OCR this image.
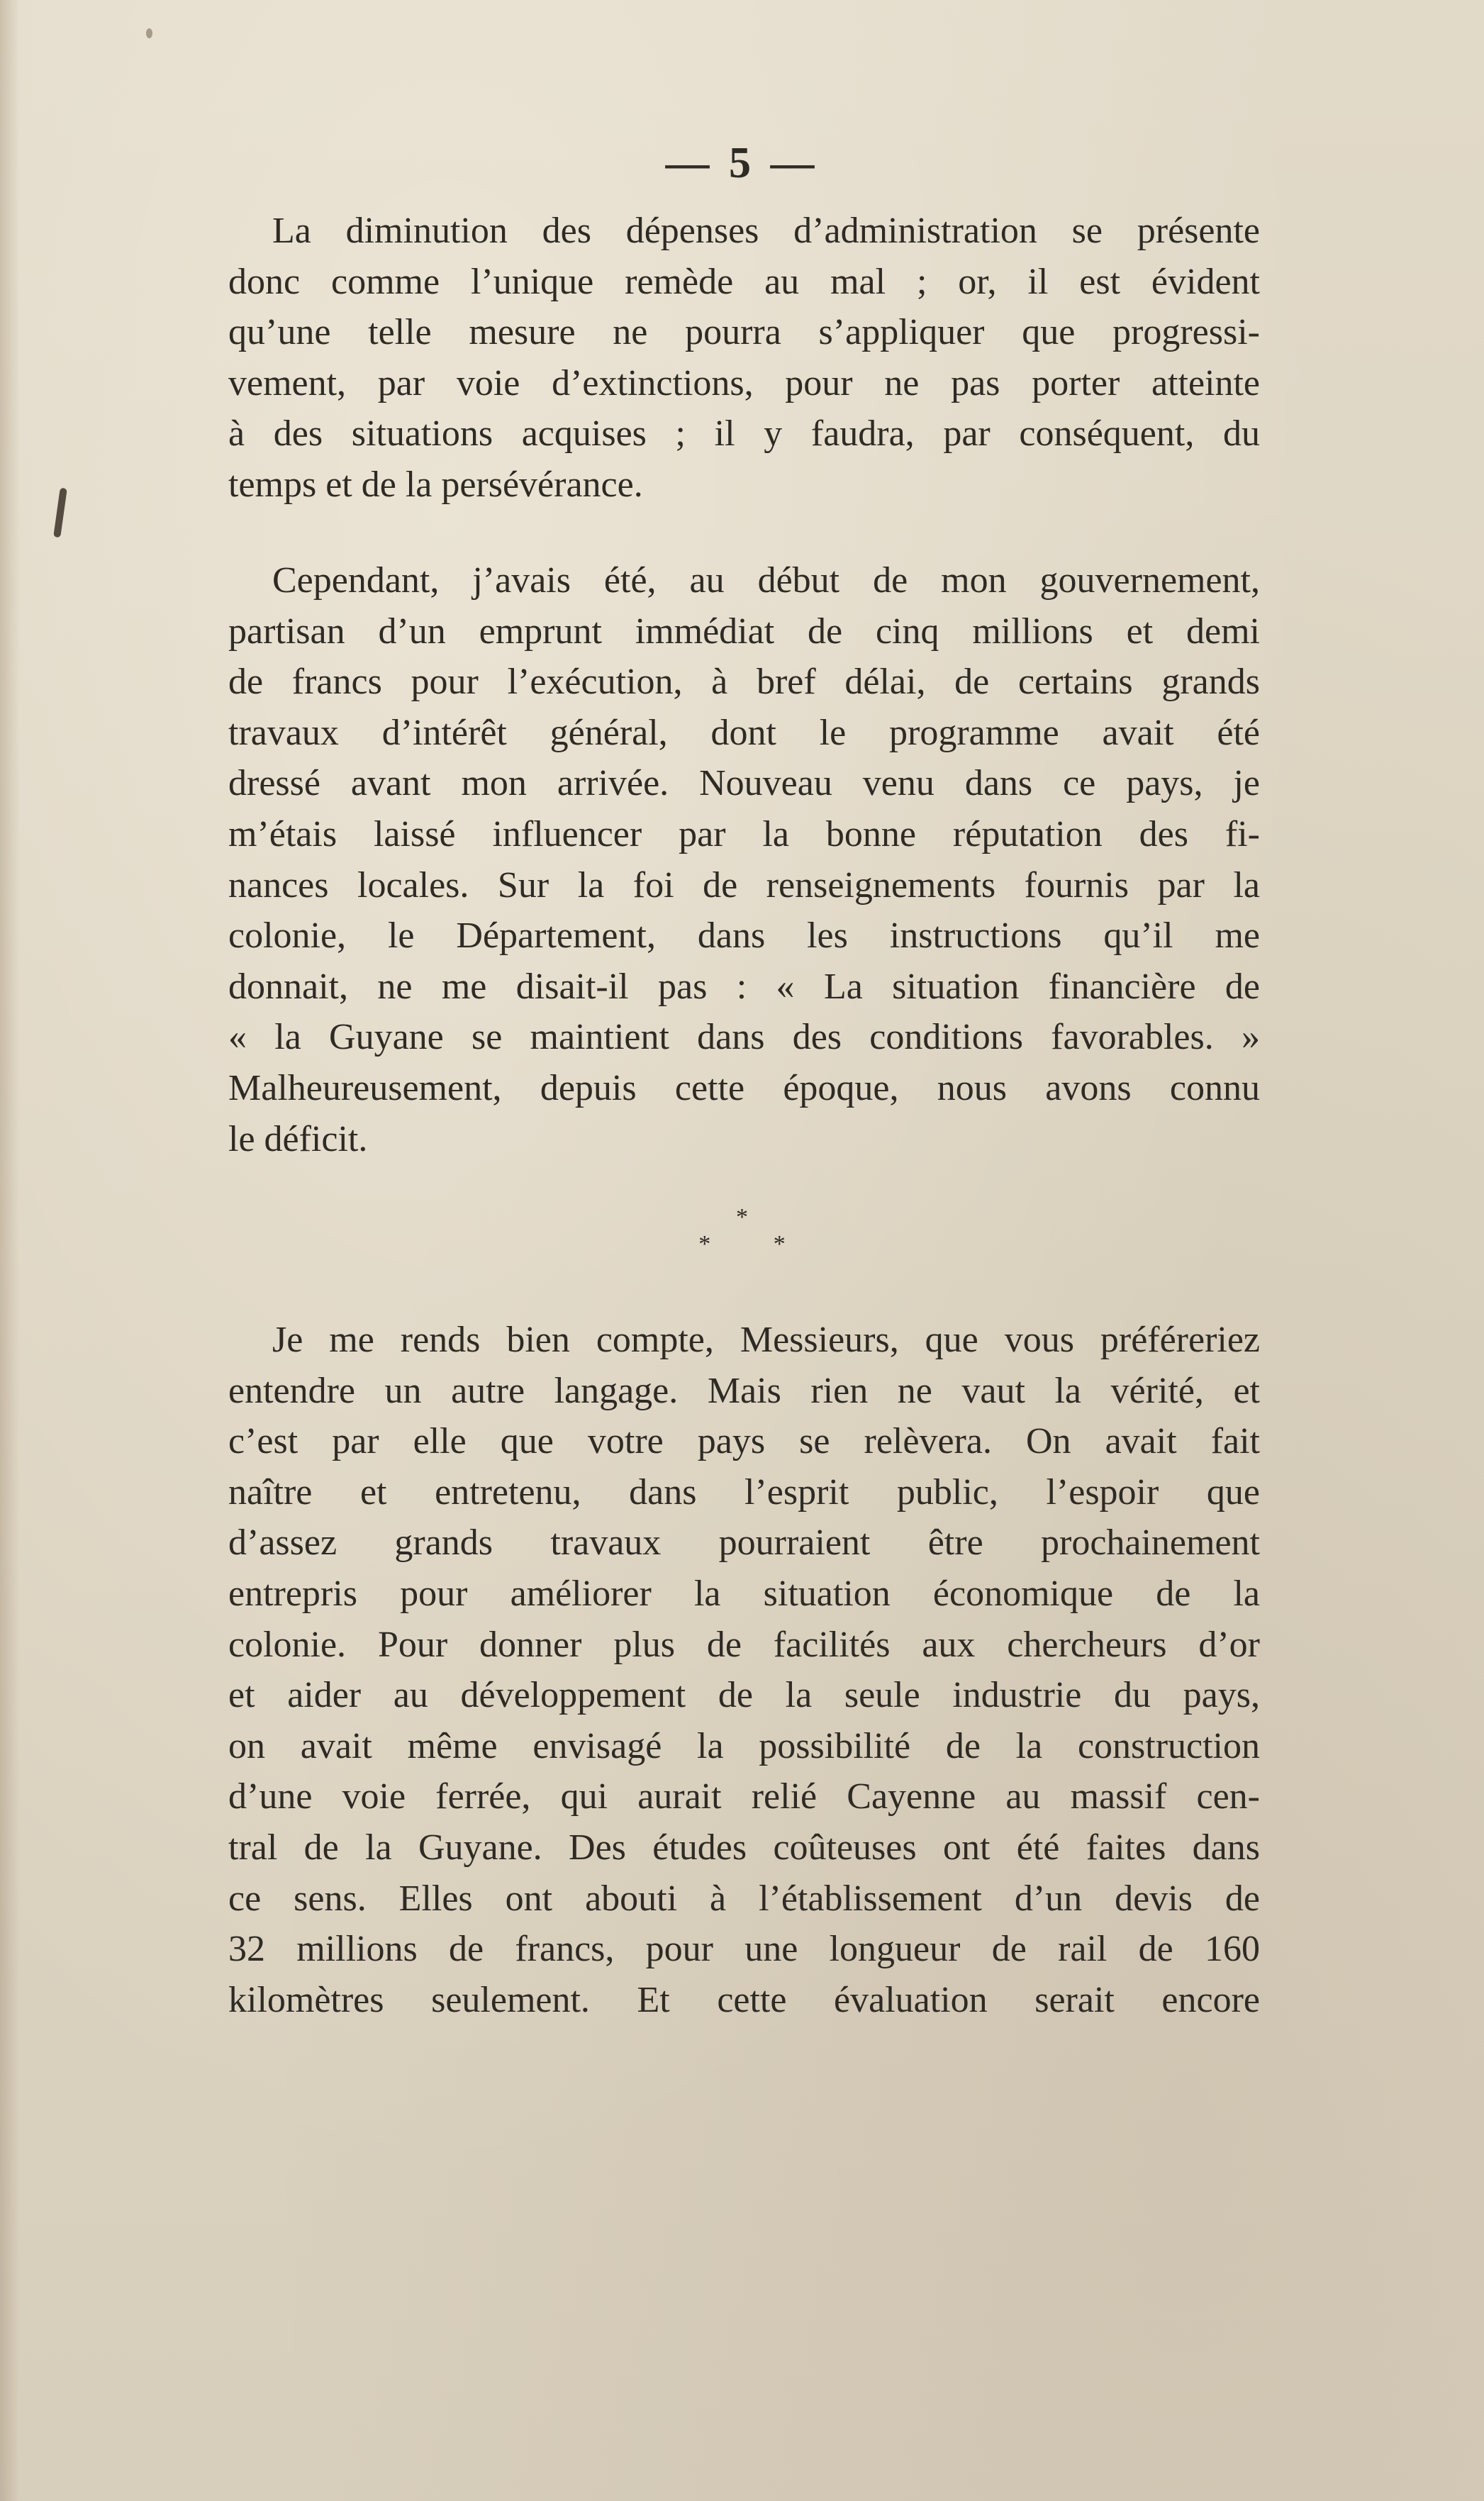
— 5 —
La diminution des dépenses d’administration se présente
donc comme l’unique remède au mal ; or, il est évident
qu’une telle mesure ne pourra s’appliquer que progressi-
vement, par voie d’extinctions, pour ne pas porter atteinte
à des situations acquises ; il y faudra, par conséquent, du
temps et de la persévérance.
Cependant, j’avais été, au début de mon gouvernement,
partisan d’un emprunt immédiat de cinq millions et demi
de francs pour l’exécution, à bref délai, de certains grands
travaux d’intérêt général, dont le programme avait été
dressé avant mon arrivée. Nouveau venu dans ce pays, je
m’étais laissé influencer par la bonne réputation des fi-
nances locales. Sur la foi de renseignements fournis par la
colonie, le Département, dans les instructions qu’il me
donnait, ne me disait-il pas : « La situation financière de
« la Guyane se maintient dans des conditions favorables. »
Malheureusement, depuis cette époque, nous avons connu
le déficit.
*
* *
Je me rends bien compte, Messieurs, que vous préféreriez
entendre un autre langage. Mais rien ne vaut la vérité, et
c’est par elle que votre pays se relèvera. On avait fait
naître et entretenu, dans l’esprit public, l’espoir que
d’assez grands travaux pourraient être prochainement
entrepris pour améliorer la situation économique de la
colonie. Pour donner plus de facilités aux chercheurs d’or
et aider au développement de la seule industrie du pays,
on avait même envisagé la possibilité de la construction
d’une voie ferrée, qui aurait relié Cayenne au massif cen-
tral de la Guyane. Des études coûteuses ont été faites dans
ce sens. Elles ont abouti à l’établissement d’un devis de
32 millions de francs, pour une longueur de rail de 160
kilomètres seulement. Et cette évaluation serait encore
